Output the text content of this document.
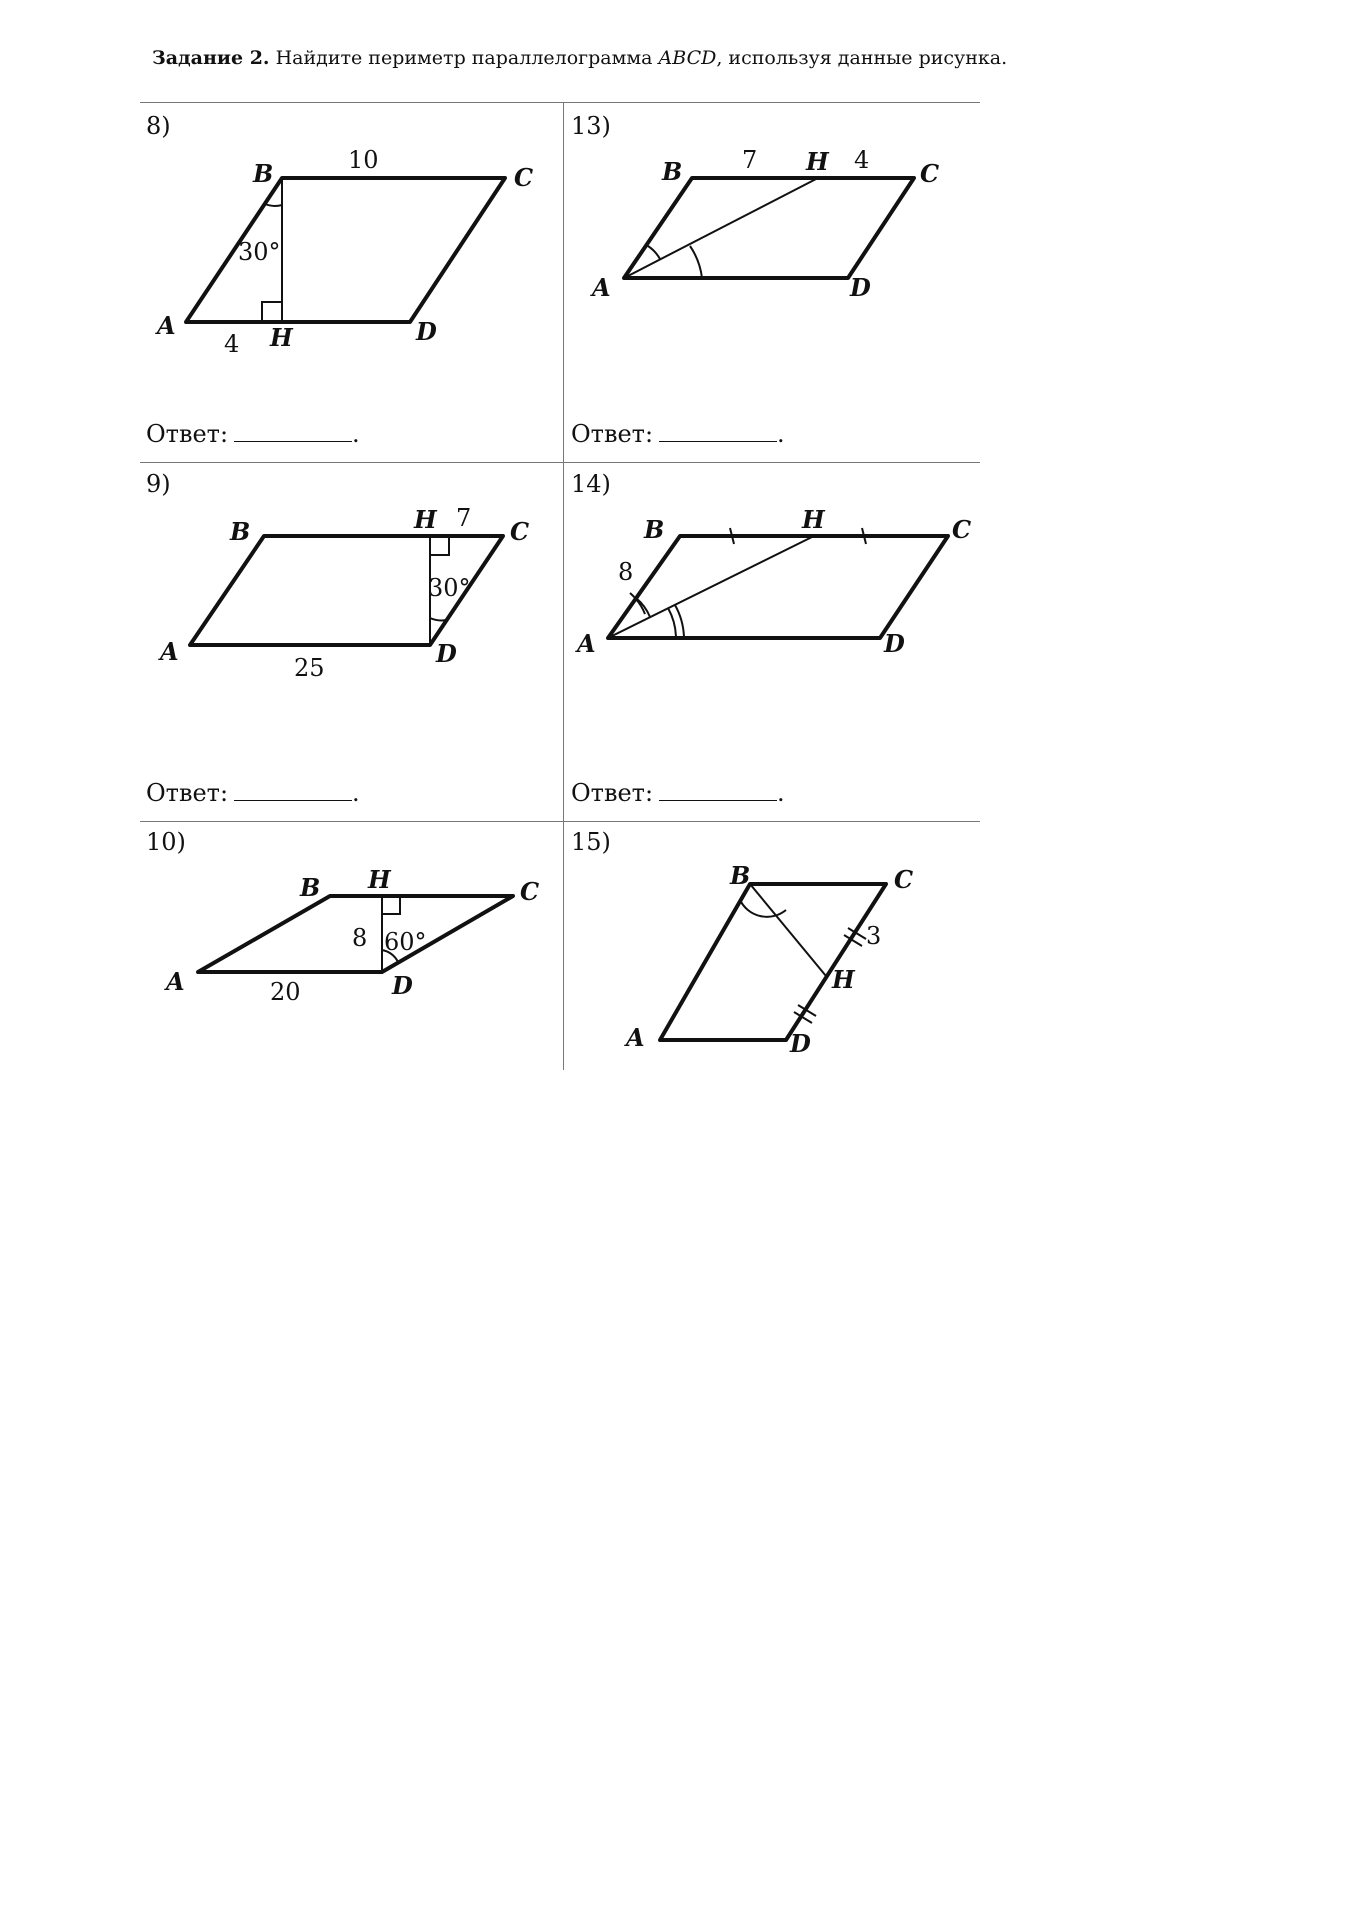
Задание 2. Найдите периметр параллелограмма ABCD, используя данные рисунка.
8)	13)
9)	14)
10)	15)
Ответ:	.	Ответ:	.
Ответ:	.	Ответ:	.
A
B	C
D
H
10
30°
4
A
B	C
D
H
7	4
A
B	C
D
H 7
30°
25
A
B	C
D
H
8
A
B	C
D
H
8 60°
20
A
B	C
D
H
3
